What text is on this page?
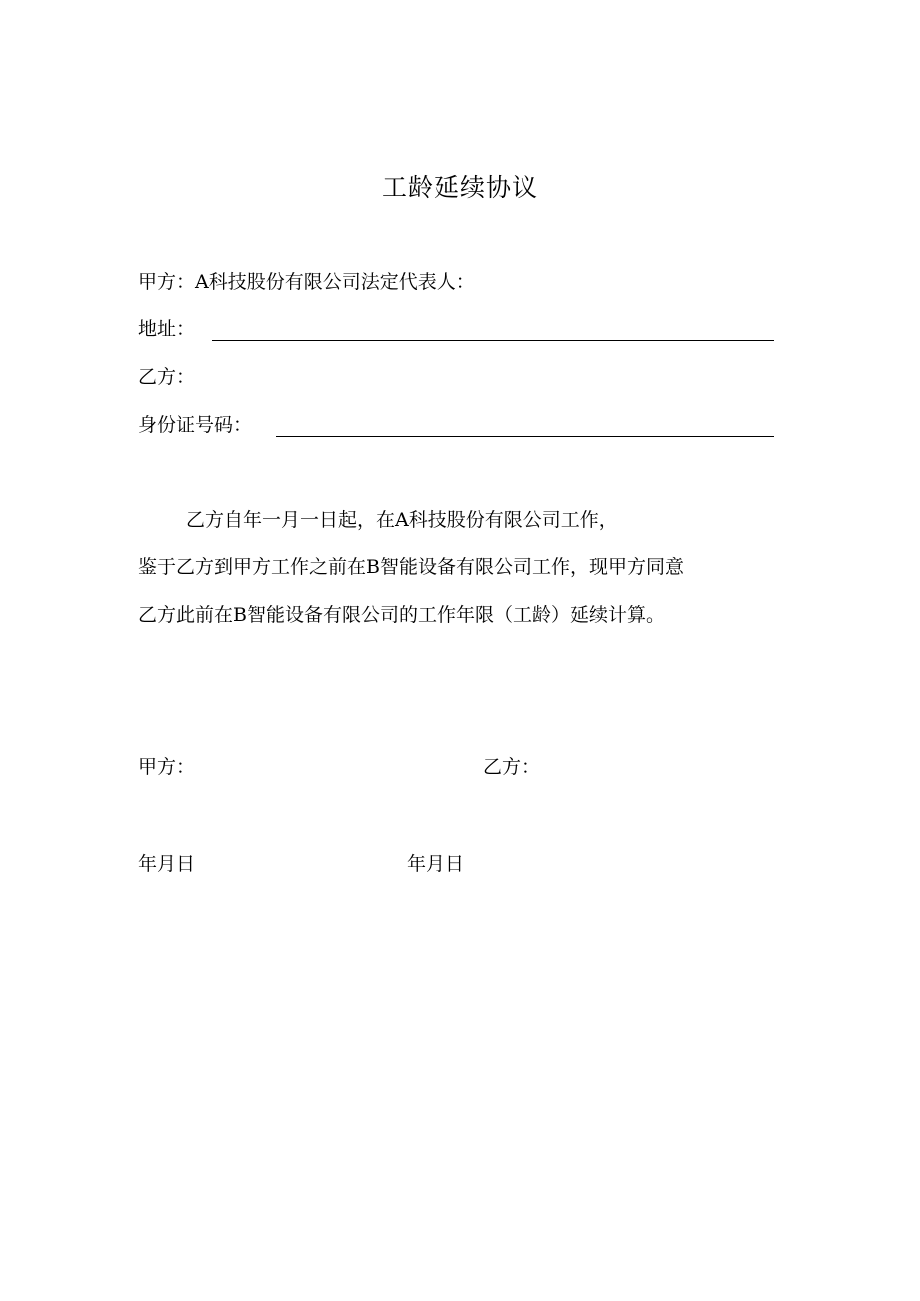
工龄延续协议
甲方：A科技股份有限公司法定代表人：
地址：
乙方：
身份证号码：
乙方自年一月一日起，在A科技股份有限公司工作，
鉴于乙方到甲方工作之前在B智能设备有限公司工作，现甲方同意
乙方此前在B智能设备有限公司的工作年限（工龄）延续计算。
甲方：	乙方：
年月日	年月日
